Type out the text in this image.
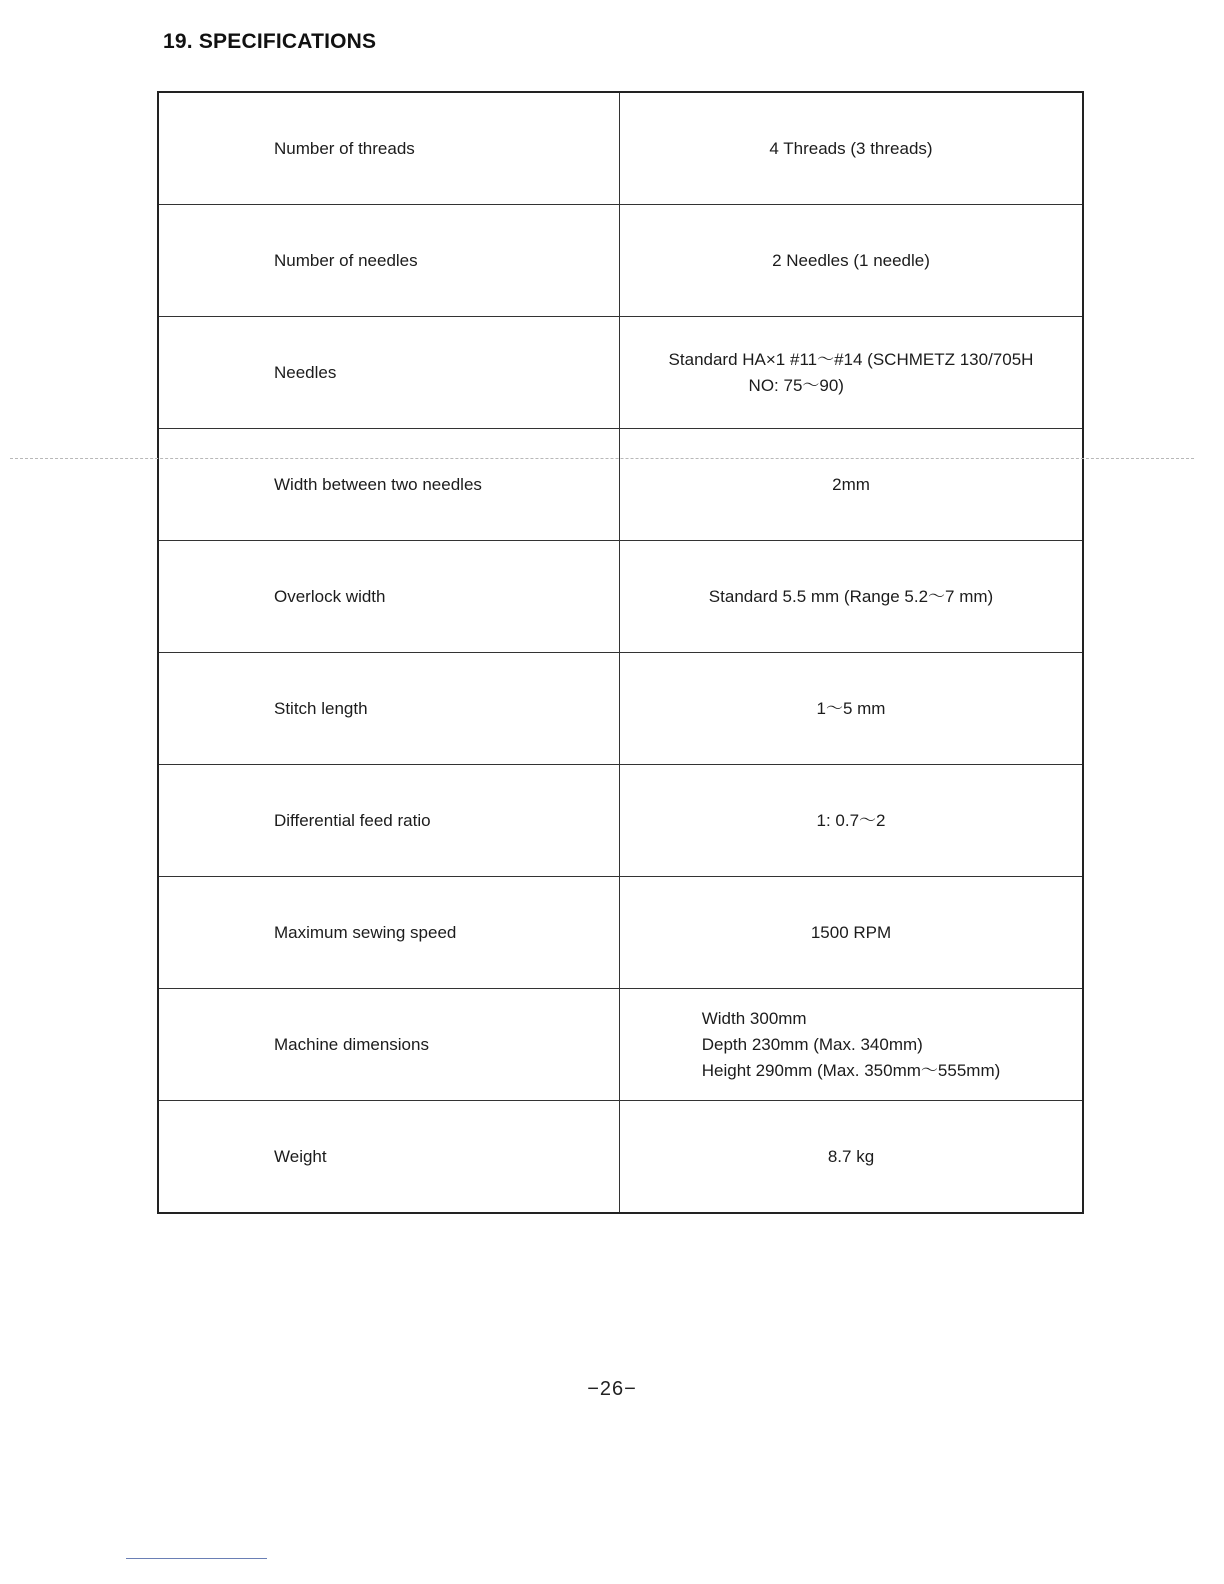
19. SPECIFICATIONS
Number of threads	4 Threads (3 threads)

Number of needles	2 Needles (1 needle)

Needles	Standard HA×1 #11～#14 (SCHMETZ 130/705H
NO: 75～90)

Width between two needles	2mm

Overlock width	Standard 5.5 mm (Range 5.2～7 mm)

Stitch length	1～5 mm

Differential feed ratio	1: 0.7～2

Maximum sewing speed	1500 RPM

Machine dimensions	Width 300mm
Depth 230mm (Max. 340mm)
Height 290mm (Max. 350mm～555mm)

Weight	8.7 kg
−26−
